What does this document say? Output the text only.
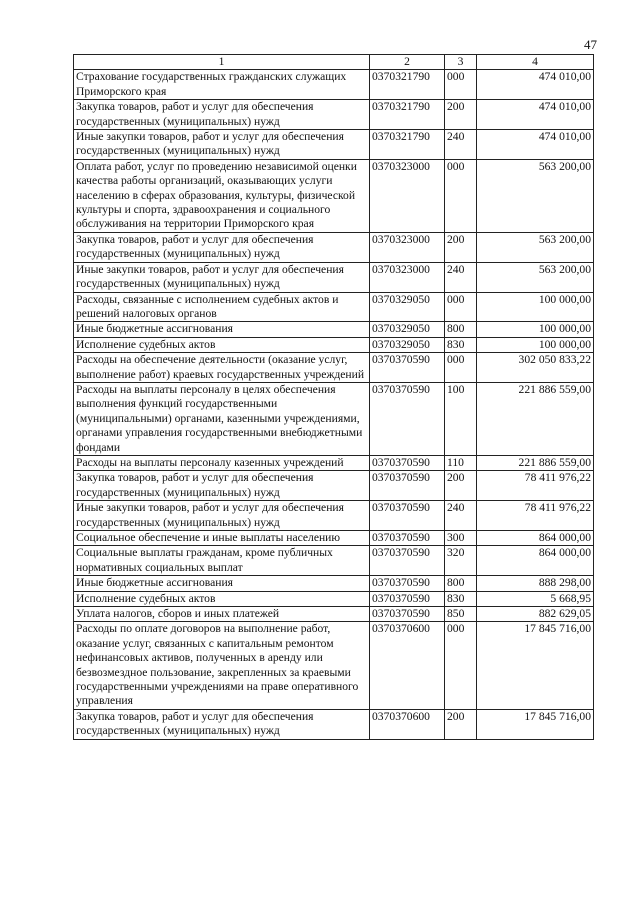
47
1	2	3	4
Страхование государственных гражданских служащих Приморского края	0370321790	000	474 010,00
Закупка товаров, работ и услуг для обеспечения государственных (муниципальных) нужд	0370321790	200	474 010,00
Иные закупки товаров, работ и услуг для обеспечения государственных (муниципальных) нужд	0370321790	240	474 010,00
Оплата работ, услуг по проведению независимой оценки качества работы организаций, оказывающих услуги населению в сферах образования, культуры, физической культуры и спорта, здравоохранения и социального обслуживания на территории Приморского края	0370323000	000	563 200,00
Закупка товаров, работ и услуг для обеспечения государственных (муниципальных) нужд	0370323000	200	563 200,00
Иные закупки товаров, работ и услуг для обеспечения государственных (муниципальных) нужд	0370323000	240	563 200,00
Расходы, связанные с исполнением судебных актов и решений налоговых органов	0370329050	000	100 000,00
Иные бюджетные ассигнования	0370329050	800	100 000,00
Исполнение судебных актов	0370329050	830	100 000,00
Расходы на обеспечение деятельности (оказание услуг, выполнение работ) краевых государственных учреждений	0370370590	000	302 050 833,22
Расходы на выплаты персоналу в целях обеспечения выполнения функций государственными (муниципальными) органами, казенными учреждениями, органами управления государственными внебюджетными фондами	0370370590	100	221 886 559,00
Расходы на выплаты персоналу казенных учреждений	0370370590	110	221 886 559,00
Закупка товаров, работ и услуг для обеспечения государственных (муниципальных) нужд	0370370590	200	78 411 976,22
Иные закупки товаров, работ и услуг для обеспечения государственных (муниципальных) нужд	0370370590	240	78 411 976,22
Социальное обеспечение и иные выплаты населению	0370370590	300	864 000,00
Социальные выплаты гражданам, кроме публичных нормативных социальных выплат	0370370590	320	864 000,00
Иные бюджетные ассигнования	0370370590	800	888 298,00
Исполнение судебных актов	0370370590	830	5 668,95
Уплата налогов, сборов и иных платежей	0370370590	850	882 629,05
Расходы по оплате договоров на выполнение работ, оказание услуг, связанных с капитальным ремонтом нефинансовых активов, полученных в аренду или безвозмездное пользование, закрепленных за краевыми государственными учреждениями на праве оперативного управления	0370370600	000	17 845 716,00
Закупка товаров, работ и услуг для обеспечения государственных (муниципальных) нужд	0370370600	200	17 845 716,00
